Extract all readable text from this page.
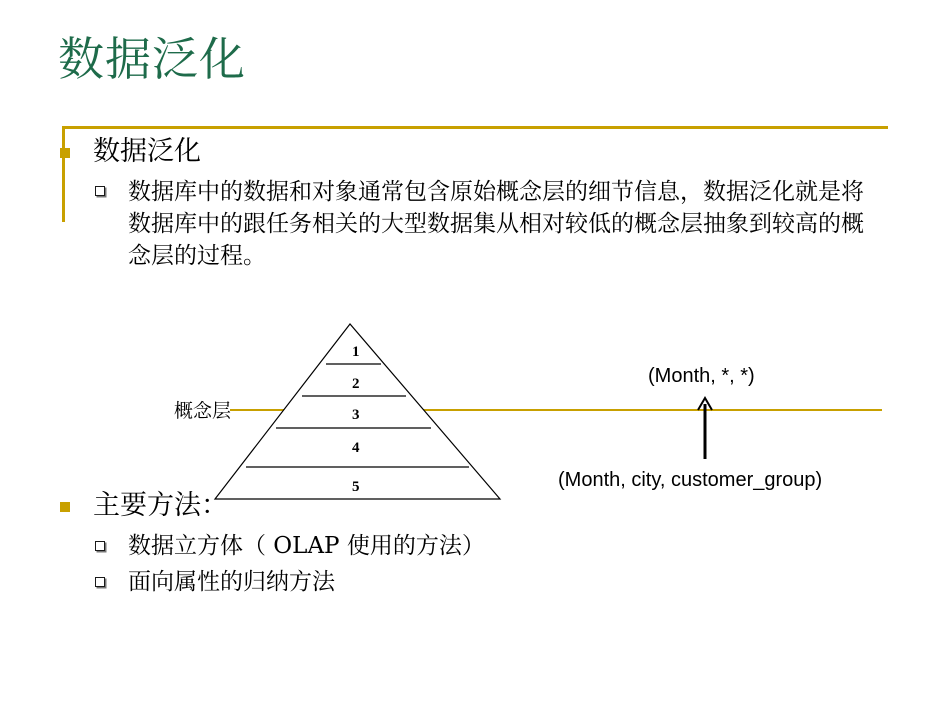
数据泛化
数据泛化
数据库中的数据和对象通常包含原始概念层的细节信息，数据泛化就是将数据库中的跟任务相关的大型数据集从相对较低的概念层抽象到较高的概念层的过程。
1
2
3
4
5
概念层
(Month, *, *)
(Month, city, customer_group)
主要方法：
数据立方体（ OLAP 使用的方法）
面向属性的归纳方法
